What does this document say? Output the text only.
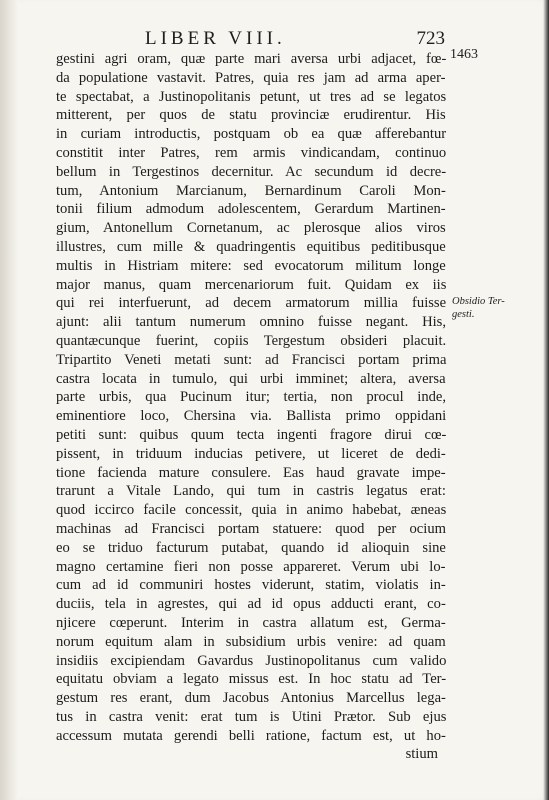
LIBER VIII.	723
1463
Obsidio Ter-
gesti.
gestini agri oram, quæ parte mari aversa urbi adjacet, fœ-
da populatione vastavit. Patres, quia res jam ad arma aper-
te spectabat, a Justinopolitanis petunt, ut tres ad se legatos
mitterent, per quos de statu provinciæ erudirentur. His
in curiam introductis, postquam ob ea quæ afferebantur
constitit inter Patres, rem armis vindicandam, continuo
bellum in Tergestinos decernitur. Ac secundum id decre-
tum, Antonium Marcianum, Bernardinum Caroli Mon-
tonii filium admodum adolescentem, Gerardum Martinen-
gium, Antonellum Cornetanum, ac plerosque alios viros
illustres, cum mille & quadringentis equitibus peditibusque
multis in Histriam mitere: sed evocatorum militum longe
major manus, quam mercenariorum fuit. Quidam ex iis
qui rei interfuerunt, ad decem armatorum millia fuisse
ajunt: alii tantum numerum omnino fuisse negant. His,
quantæcunque fuerint, copiis Tergestum obsideri placuit.
Tripartito Veneti metati sunt: ad Francisci portam prima
castra locata in tumulo, qui urbi imminet; altera, aversa
parte urbis, qua Pucinum itur; tertia, non procul inde,
eminentiore loco, Chersina via. Ballista primo oppidani
petiti sunt: quibus quum tecta ingenti fragore dirui cœ-
pissent, in triduum inducias petivere, ut liceret de dedi-
tione facienda mature consulere. Eas haud gravate impe-
trarunt a Vitale Lando, qui tum in castris legatus erat:
quod iccirco facile concessit, quia in animo habebat, æneas
machinas ad Francisci portam statuere: quod per ocium
eo se triduo facturum putabat, quando id alioquin sine
magno certamine fieri non posse appareret. Verum ubi lo-
cum ad id communiri hostes viderunt, statim, violatis in-
duciis, tela in agrestes, qui ad id opus adducti erant, co-
njicere cœperunt. Interim in castra allatum est, Germa-
norum equitum alam in subsidium urbis venire: ad quam
insidiis excipiendam Gavardus Justinopolitanus cum valido
equitatu obviam a legato missus est. In hoc statu ad Ter-
gestum res erant, dum Jacobus Antonius Marcellus lega-
tus in castra venit: erat tum is Utini Prætor. Sub ejus
accessum mutata gerendi belli ratione, factum est, ut ho-
stium
